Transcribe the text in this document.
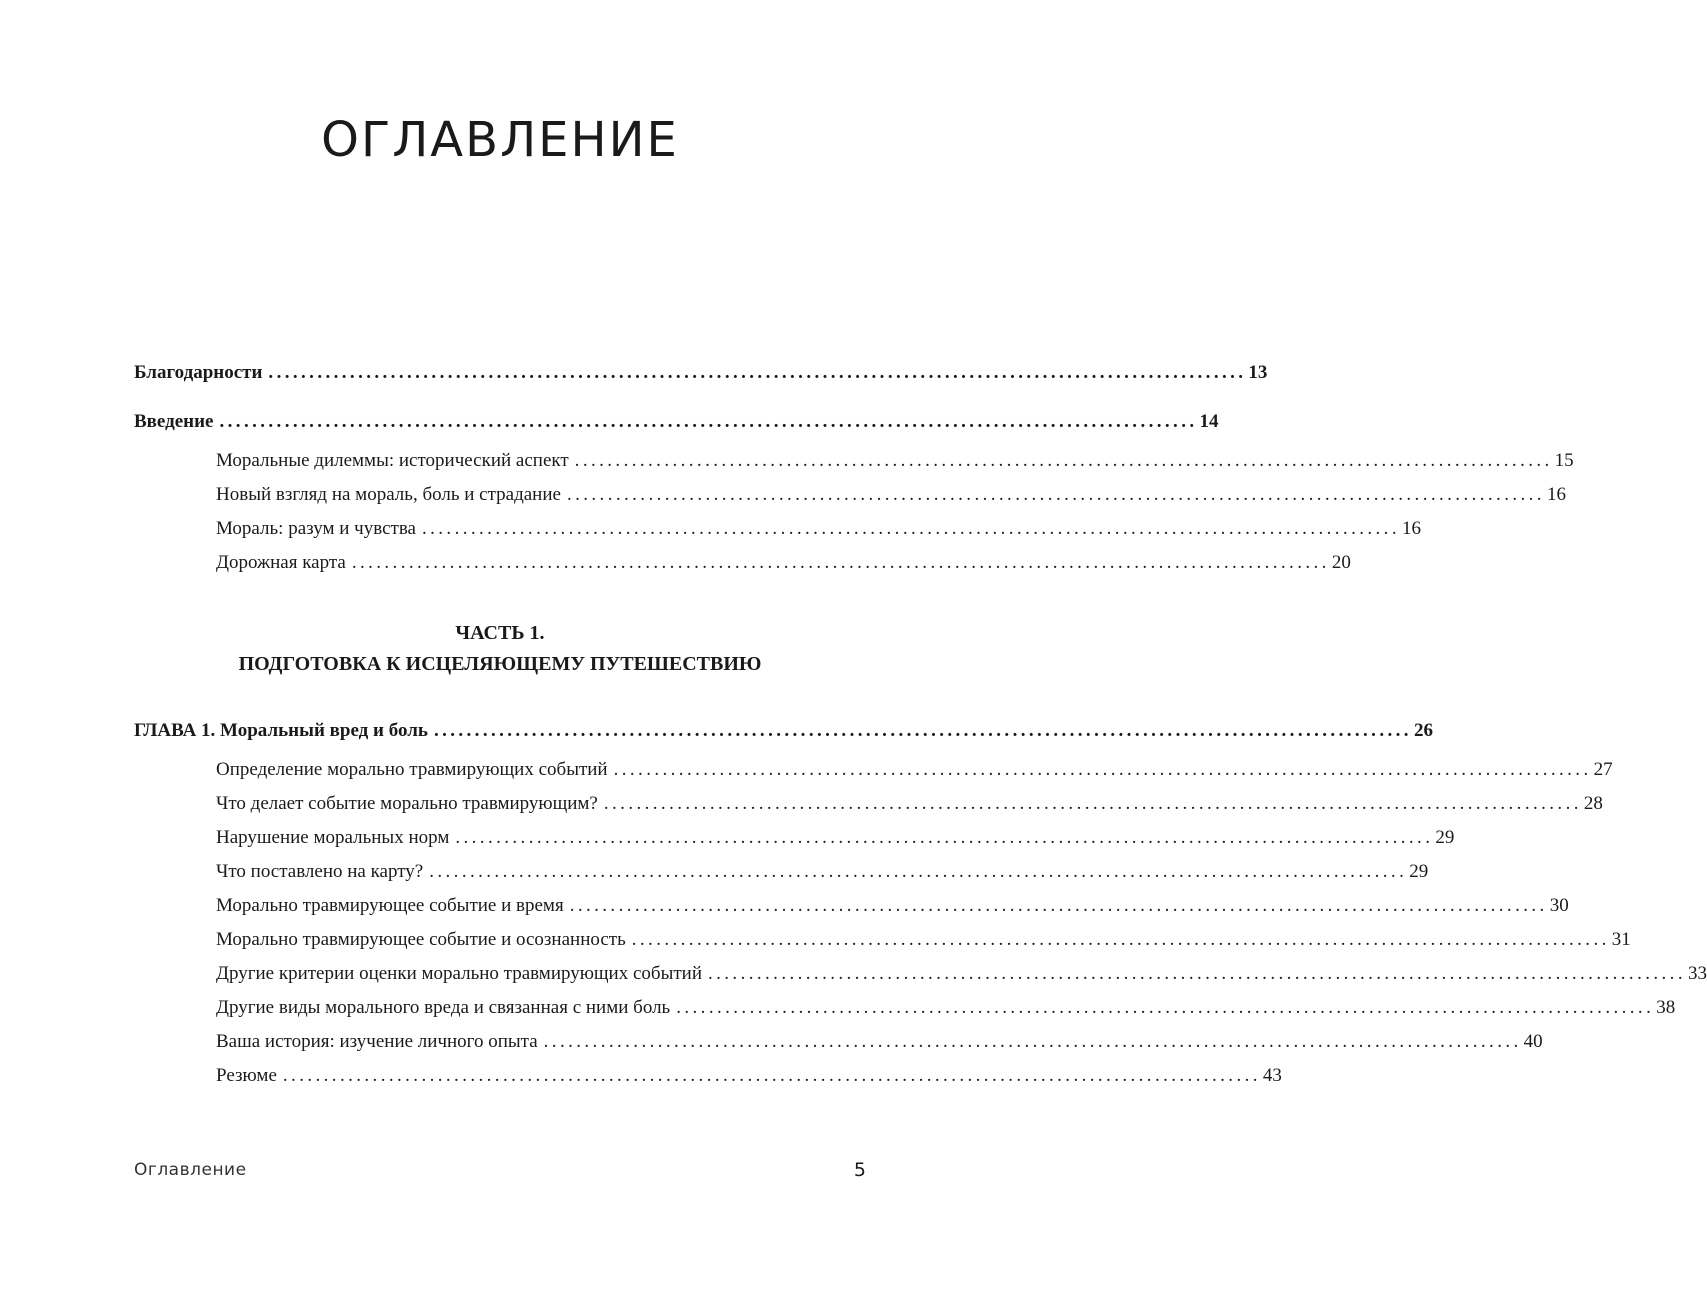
ОГЛАВЛЕНИЕ
Благодарности ........................................................................................................................ 13
Введение ........................................................................................................................ 14
Моральные дилеммы: исторический аспект ........................................................................................................................ 15
Новый взгляд на мораль, боль и страдание ........................................................................................................................ 16
Мораль: разум и чувства ........................................................................................................................ 16
Дорожная карта ........................................................................................................................ 20
ЧАСТЬ 1.
ПОДГОТОВКА К ИСЦЕЛЯЮЩЕМУ ПУТЕШЕСТВИЮ
ГЛАВА 1. Моральный вред и боль ........................................................................................................................ 26
Определение морально травмирующих событий ........................................................................................................................ 27
Что делает событие морально травмирующим? ........................................................................................................................ 28
Нарушение моральных норм ........................................................................................................................ 29
Что поставлено на карту? ........................................................................................................................ 29
Морально травмирующее событие и время ........................................................................................................................ 30
Морально травмирующее событие и осознанность ........................................................................................................................ 31
Другие критерии оценки морально травмирующих событий ........................................................................................................................ 33
Другие виды морального вреда и связанная с ними боль ........................................................................................................................ 38
Ваша история: изучение личного опыта ........................................................................................................................ 40
Резюме ........................................................................................................................ 43
Оглавление	5
